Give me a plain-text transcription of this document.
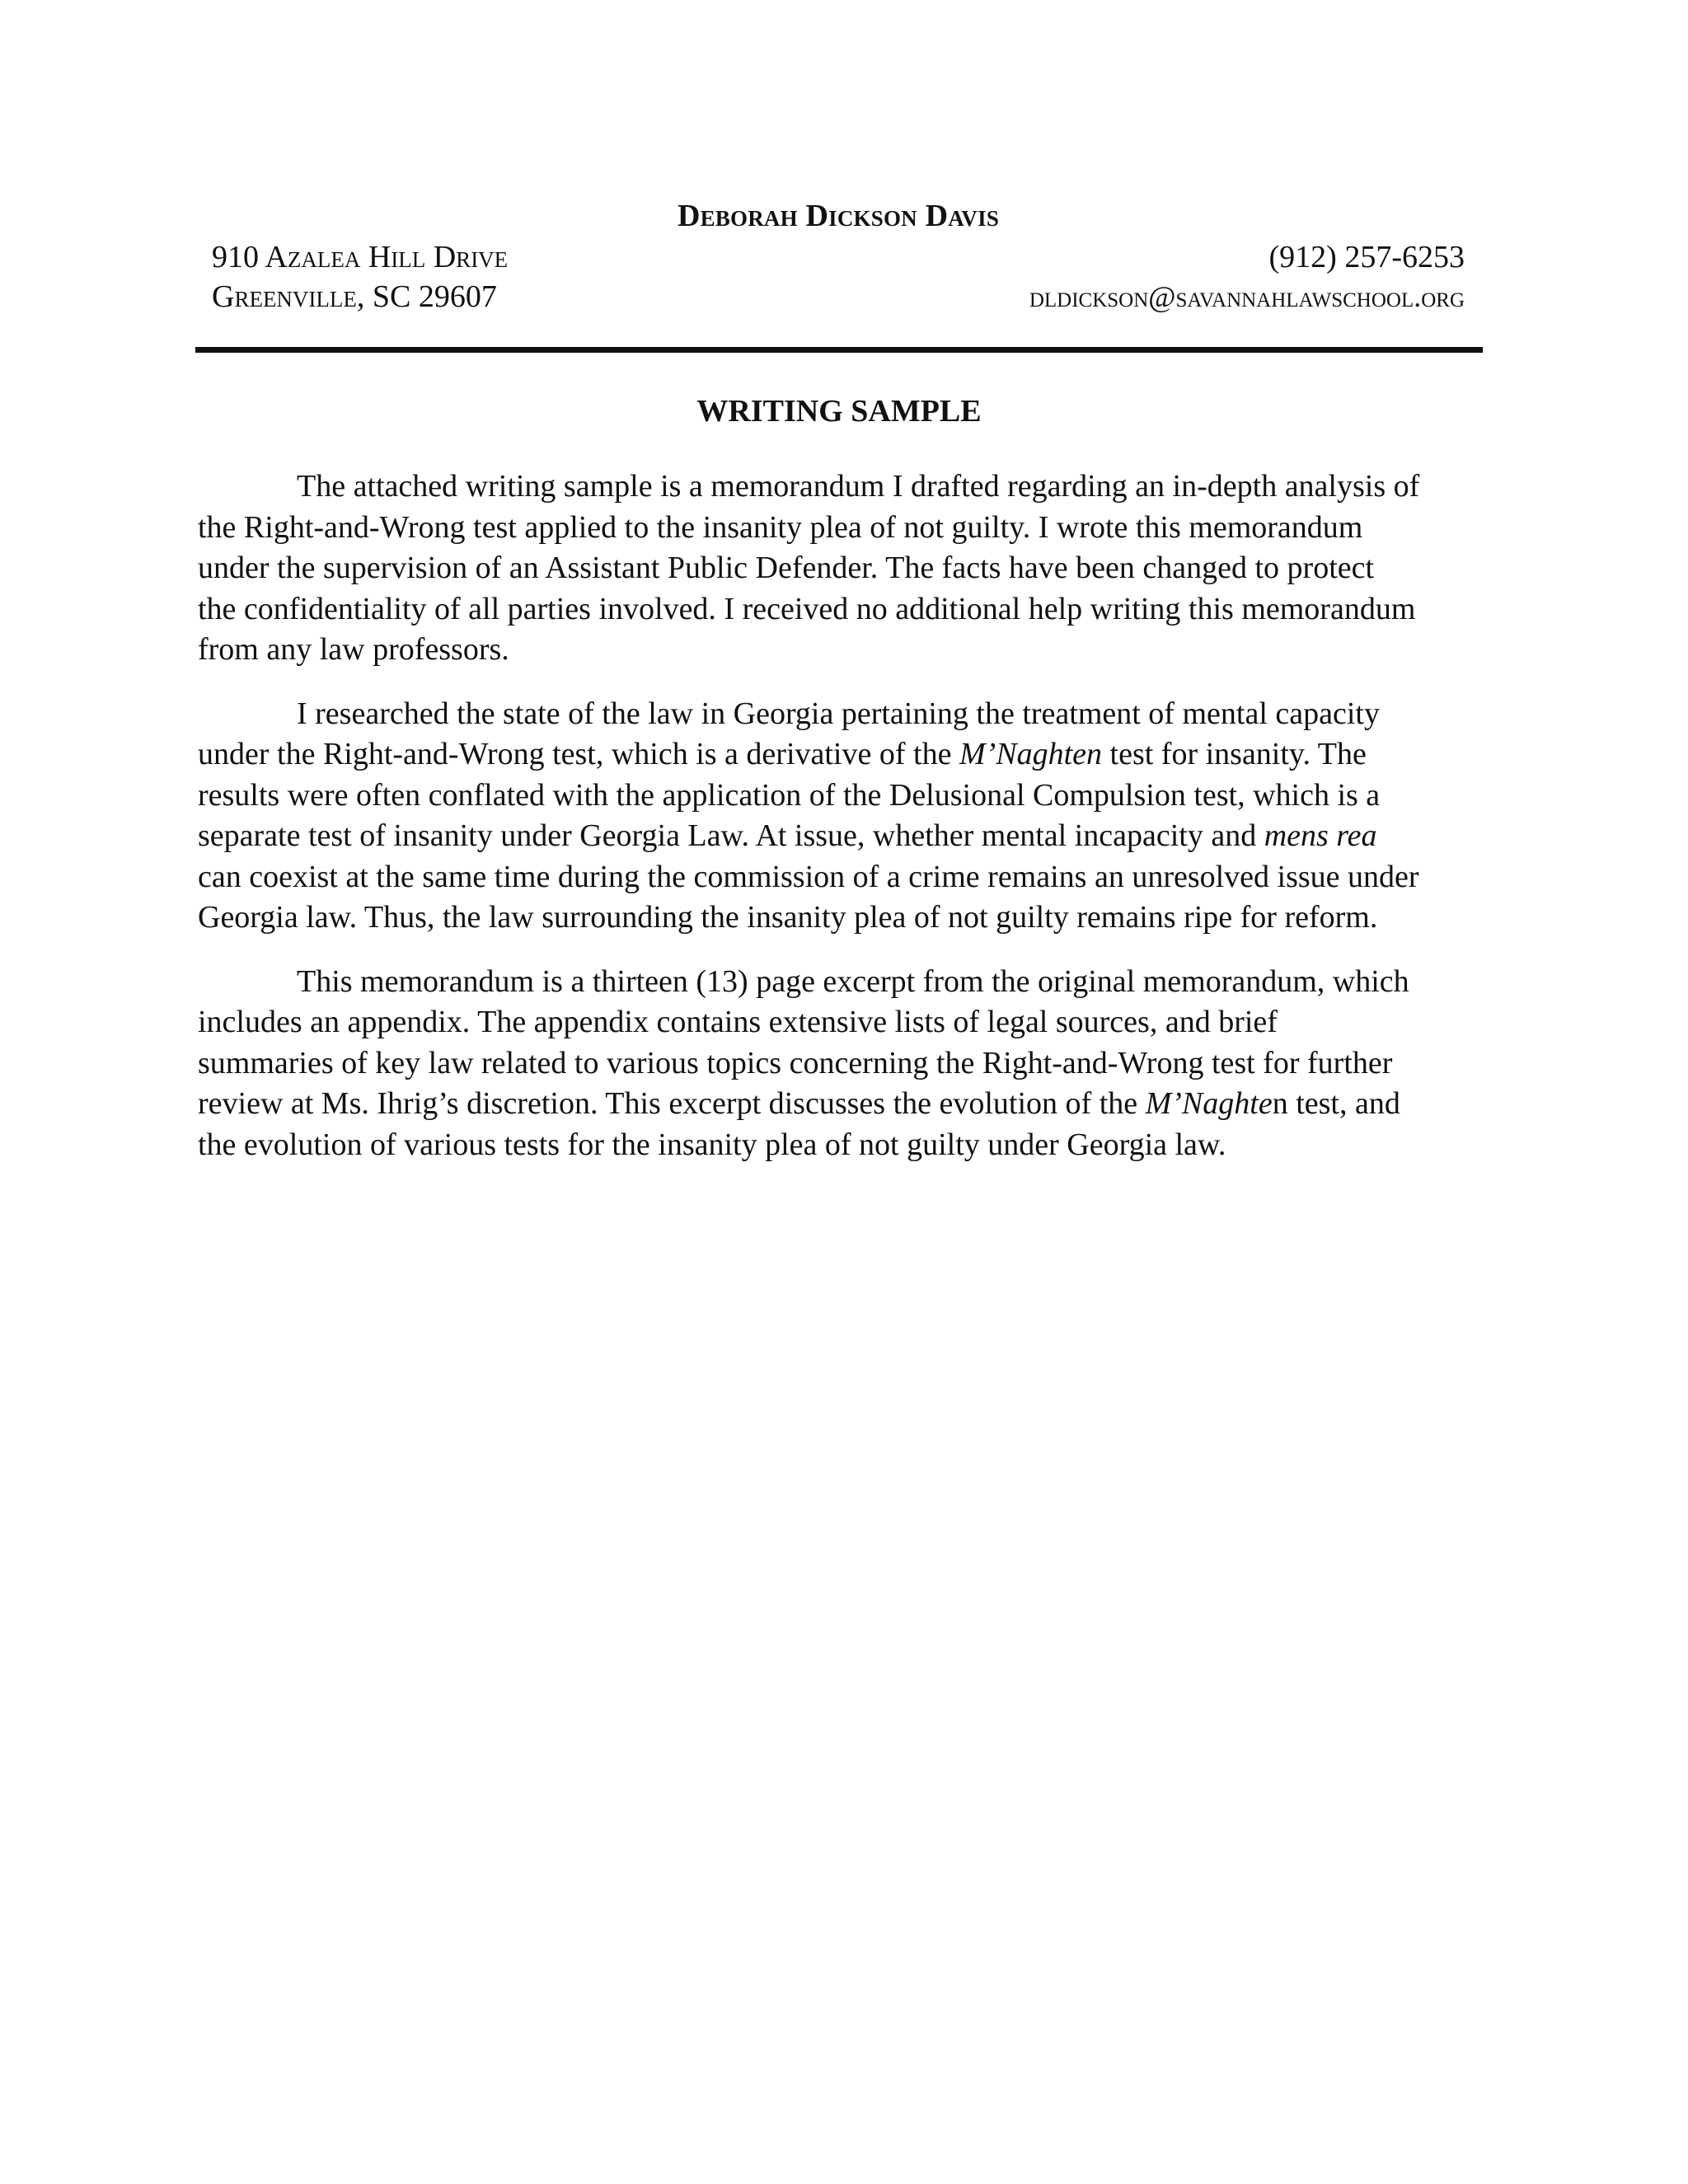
Deborah Dickson Davis
910 Azalea Hill Drive	(912) 257-6253
Greenville, SC 29607	dldickson@savannahlawschool.org
WRITING SAMPLE

The attached writing sample is a memorandum I drafted regarding an in-depth analysis of
the Right-and-Wrong test applied to the insanity plea of not guilty. I wrote this memorandum
under the supervision of an Assistant Public Defender. The facts have been changed to protect
the confidentiality of all parties involved. I received no additional help writing this memorandum
from any law professors.

I researched the state of the law in Georgia pertaining the treatment of mental capacity
under the Right-and-Wrong test, which is a derivative of the M’Naghten test for insanity. The
results were often conflated with the application of the Delusional Compulsion test, which is a
separate test of insanity under Georgia Law. At issue, whether mental incapacity and mens rea
can coexist at the same time during the commission of a crime remains an unresolved issue under
Georgia law. Thus, the law surrounding the insanity plea of not guilty remains ripe for reform.

This memorandum is a thirteen (13) page excerpt from the original memorandum, which
includes an appendix. The appendix contains extensive lists of legal sources, and brief
summaries of key law related to various topics concerning the Right-and-Wrong test for further
review at Ms. Ihrig’s discretion. This excerpt discusses the evolution of the M’Naghten test, and
the evolution of various tests for the insanity plea of not guilty under Georgia law.
